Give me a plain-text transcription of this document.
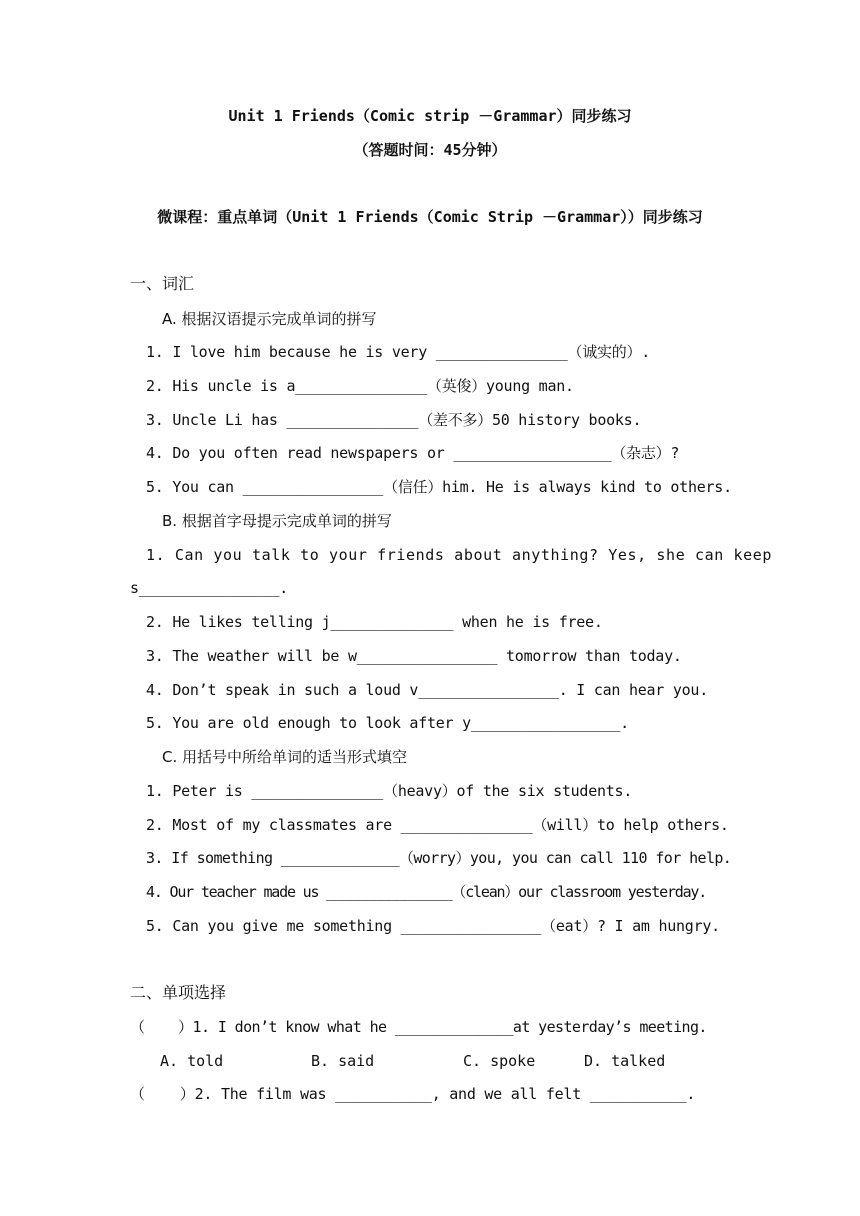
Unit 1 Friends（Comic strip －Grammar）同步练习
（答题时间：45分钟）
微课程：重点单词（Unit 1 Friends（Comic Strip －Grammar））同步练习
一、词汇
A. 根据汉语提示完成单词的拼写
1. I love him because he is very _______________（诚实的）.
2. His uncle is a_______________（英俊）young man.
3. Uncle Li has _______________（差不多）50 history books.
4. Do you often read newspapers or __________________（杂志）?
5. You can ________________（信任）him. He is always kind to others.
B. 根据首字母提示完成单词的拼写
1. Can you talk to your friends about anything? Yes, she can keep
s________________.
2. He likes telling j______________ when he is free.
3. The weather will be w________________ tomorrow than today.
4. Don’t speak in such a loud v________________. I can hear you.
5. You are old enough to look after y_________________.
C. 用括号中所给单词的适当形式填空
1. Peter is _______________（heavy）of the six students.
2. Most of my classmates are _______________（will）to help others.
3. If something ______________（worry）you, you can call 110 for help.
4. Our teacher made us ________________（clean）our classroom yesterday.
5. Can you give me something ________________（eat）? I am hungry.
二、单项选择
（    ）1. I don’t know what he ______________at yesterday’s meeting.
A. told	B. said	C. spoke	D. talked
（    ）2. The film was ___________, and we all felt ___________.
